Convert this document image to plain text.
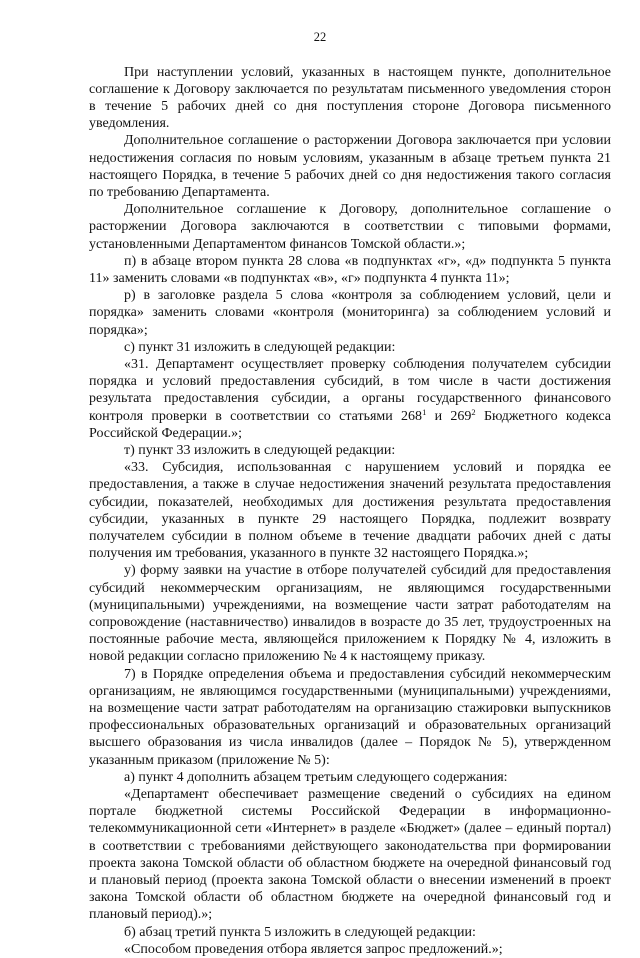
22

При наступлении условий, указанных в настоящем пункте, дополнительное соглашение к Договору заключается по результатам письменного уведомления сторон в течение 5 рабочих дней со дня поступления стороне Договора письменного уведомления.

Дополнительное соглашение о расторжении Договора заключается при условии недостижения согласия по новым условиям, указанным в абзаце третьем пункта 21 настоящего Порядка, в течение 5 рабочих дней со дня недостижения такого согласия по требованию Департамента.

Дополнительное соглашение к Договору, дополнительное соглашение о расторжении Договора заключаются в соответствии с типовыми формами, установленными Департаментом финансов Томской области.»;

п) в абзаце втором пункта 28 слова «в подпунктах «г», «д» подпункта 5 пункта 11» заменить словами «в подпунктах «в», «г» подпункта 4 пункта 11»;

р) в заголовке раздела 5 слова «контроля за соблюдением условий, цели и порядка» заменить словами «контроля (мониторинга) за соблюдением условий и порядка»;

с) пункт 31 изложить в следующей редакции:

«31. Департамент осуществляет проверку соблюдения получателем субсидии порядка и условий предоставления субсидий, в том числе в части достижения результата предоставления субсидии, а органы государственного финансового контроля проверки в соответствии со статьями $268^1$ и $269^2$ Бюджетного кодекса Российской Федерации.»;

т) пункт 33 изложить в следующей редакции:

«33. Субсидия, использованная с нарушением условий и порядка ее предоставления, а также в случае недостижения значений результата предоставления субсидии, показателей, необходимых для достижения результата предоставления субсидии, указанных в пункте 29 настоящего Порядка, подлежит возврату получателем субсидии в полном объеме в течение двадцати рабочих дней с даты получения им требования, указанного в пункте 32 настоящего Порядка.»;

у) форму заявки на участие в отборе получателей субсидий для предоставления субсидий некоммерческим организациям, не являющимся государственными (муниципальными) учреждениями, на возмещение части затрат работодателям на сопровождение (наставничество) инвалидов в возрасте до 35 лет, трудоустроенных на постоянные рабочие места, являющейся приложением к Порядку № 4, изложить в новой редакции согласно приложению № 4 к настоящему приказу.

7) в Порядке определения объема и предоставления субсидий некоммерческим организациям, не являющимся государственными (муниципальными) учреждениями, на возмещение части затрат работодателям на организацию стажировки выпускников профессиональных образовательных организаций и образовательных организаций высшего образования из числа инвалидов (далее – Порядок № 5), утвержденном указанным приказом (приложение № 5):

а) пункт 4 дополнить абзацем третьим следующего содержания:

«Департамент обеспечивает размещение сведений о субсидиях на едином портале бюджетной системы Российской Федерации в информационно-телекоммуникационной сети «Интернет» в разделе «Бюджет» (далее – единый портал) в соответствии с требованиями действующего законодательства при формировании проекта закона Томской области об областном бюджете на очередной финансовый год и плановый период (проекта закона Томской области о внесении изменений в проект закона Томской области об областном бюджете на очередной финансовый год и плановый период).»;

б) абзац третий пункта 5 изложить в следующей редакции:

«Способом проведения отбора является запрос предложений.»;
